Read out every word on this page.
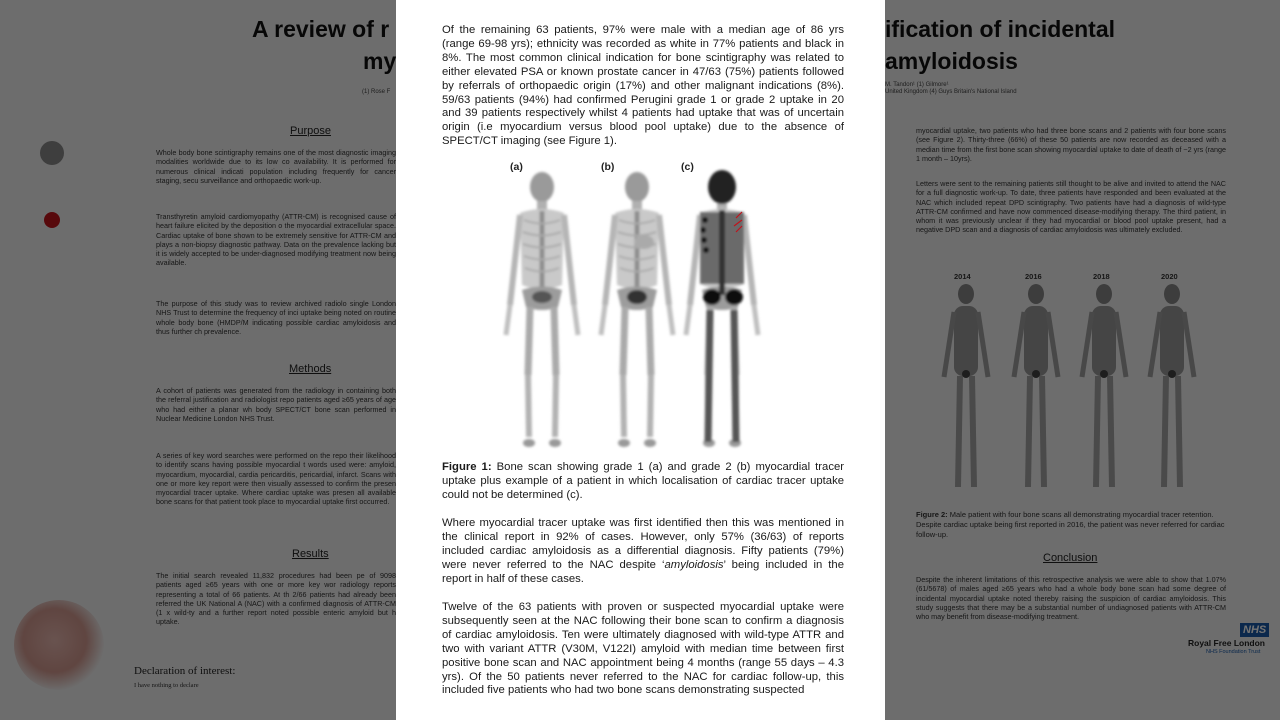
Of the remaining 63 patients, 97% were male with a median age of 86 yrs (range 69-98 yrs); ethnicity was recorded as white in 77% patients and black in 8%. The most common clinical indication for bone scintigraphy was related to either elevated PSA or known prostate cancer in 47/63 (75%) patients followed by referrals of orthopaedic origin (17%) and other malignant indications (8%). 59/63 patients (94%) had confirmed Perugini grade 1 or grade 2 uptake in 20 and 39 patients respectively whilst 4 patients had uptake that was of uncertain origin (i.e myocardium versus blood pool uptake) due to the absence of SPECT/CT imaging (see Figure 1).

(a)	(b)	(c)

Figure 1: Bone scan showing grade 1 (a) and grade 2 (b) myocardial tracer uptake plus example of a patient in which localisation of cardiac tracer uptake could not be determined (c).

Where myocardial tracer uptake was first identified then this was mentioned in the clinical report in 92% of cases. However, only 57% (36/63) of reports included cardiac amyloidosis as a differential diagnosis. Fifty patients (79%) were never referred to the NAC despite ‘amyloidosis’ being included in the report in half of these cases.

Twelve of the 63 patients with proven or suspected myocardial uptake were subsequently seen at the NAC following their bone scan to confirm a diagnosis of cardiac amyloidosis. Ten were ultimately diagnosed with wild-type ATTR and two with variant ATTR (V30M, V122I) amyloid with median time between first positive bone scan and NAC appointment being 4 months (range 55 days – 4.3 yrs). Of the 50 patients never referred to the NAC for cardiac follow-up, this included five patients who had two bone scans demonstrating suspected
